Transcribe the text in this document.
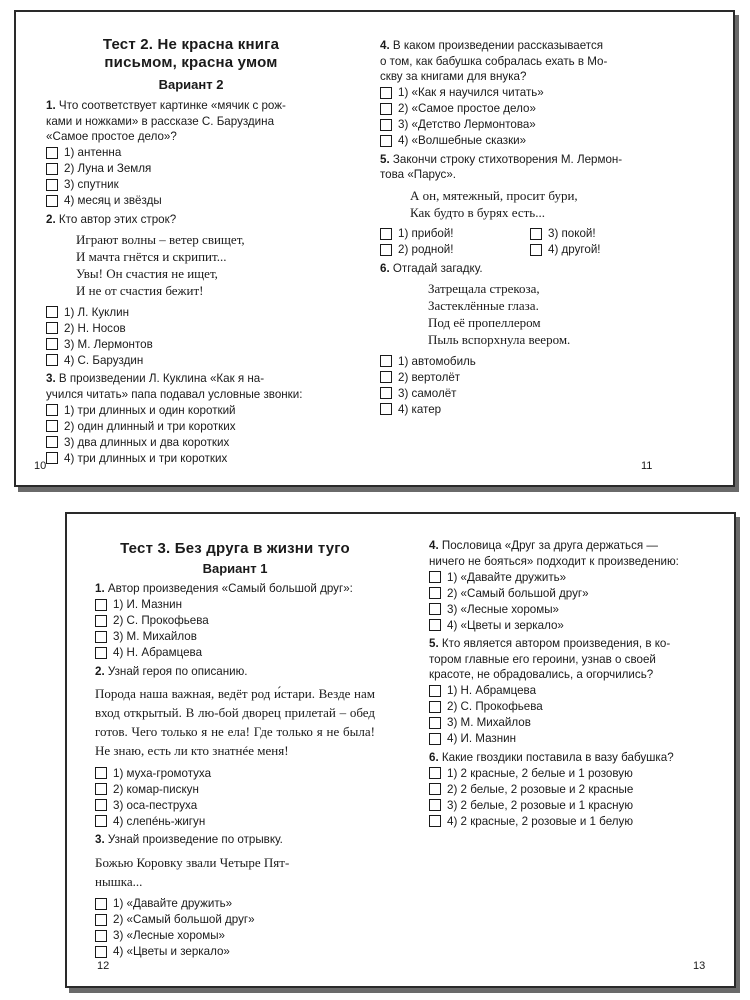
Тест 2. Не красна книга
письмом, красна умом
Вариант 2
1. Что соответствует картинке «мячик с рож-
ками и ножками» в рассказе С. Баруздина
«Самое простое дело»?
1) антенна
2) Луна и Земля
3) спутник
4) месяц и звёзды
2. Кто автор этих строк?
Играют волны – ветер свищет,
И мачта гнётся и скрипит...
Увы! Он счастия не ищет,
И не от счастия бежит!
1) Л. Куклин
2) Н. Носов
3) М. Лермонтов
4) С. Баруздин
3. В произведении Л. Куклина «Как я на-
учился читать» папа подавал условные звонки:
1) три длинных и один короткий
2) один длинный и три коротких
3) два длинных и два коротких
4) три длинных и три коротких
10
4. В каком произведении рассказывается
о том, как бабушка собралась ехать в Мо-
скву за книгами для внука?
1) «Как я научился читать»
2) «Самое простое дело»
3) «Детство Лермонтова»
4) «Волшебные сказки»
5. Закончи строку стихотворения М. Лермон-
това «Парус».
А он, мятежный, просит бури,
Как будто в бурях есть...
1) прибой!
2) родной!
3) покой!
4) другой!
6. Отгадай загадку.
Затрещала стрекоза,
Застеклённые глаза.
Под её пропеллером
Пыль вспорхнула веером.
1) автомобиль
2) вертолёт
3) самолёт
4) катер
11
Тест 3. Без друга в жизни туго
Вариант 1
1. Автор произведения «Самый большой друг»:
1) И. Мазнин
2) С. Прокофьева
3) М. Михайлов
4) Н. Абрамцева
2. Узнай героя по описанию.
Порода наша важная, ведёт род и́стари. Везде нам вход открытый. В лю-бой дворец прилетай – обед готов. Чего только я не ела! Где только я не была! Не знаю, есть ли кто знатнée меня!
1) муха-громотуха
2) комар-пискун
3) оса-пеструха
4) слепéнь-жигун
3. Узнай произведение по отрывку.
Божью Коровку звали Четыре Пят-
нышка...
1) «Давайте дружить»
2) «Самый большой друг»
3) «Лесные хоромы»
4) «Цветы и зеркало»
12
4. Пословица «Друг за друга держаться —
ничего не бояться» подходит к произведению:
1) «Давайте дружить»
2) «Самый большой друг»
3) «Лесные хоромы»
4) «Цветы и зеркало»
5. Кто является автором произведения, в ко-
тором главные его героини, узнав о своей
красоте, не обрадовались, а огорчились?
1) Н. Абрамцева
2) С. Прокофьева
3) М. Михайлов
4) И. Мазнин
6. Какие гвоздики поставила в вазу бабушка?
1) 2 красные, 2 белые и 1 розовую
2) 2 белые, 2 розовые и 2 красные
3) 2 белые, 2 розовые и 1 красную
4) 2 красные, 2 розовые и 1 белую
13
